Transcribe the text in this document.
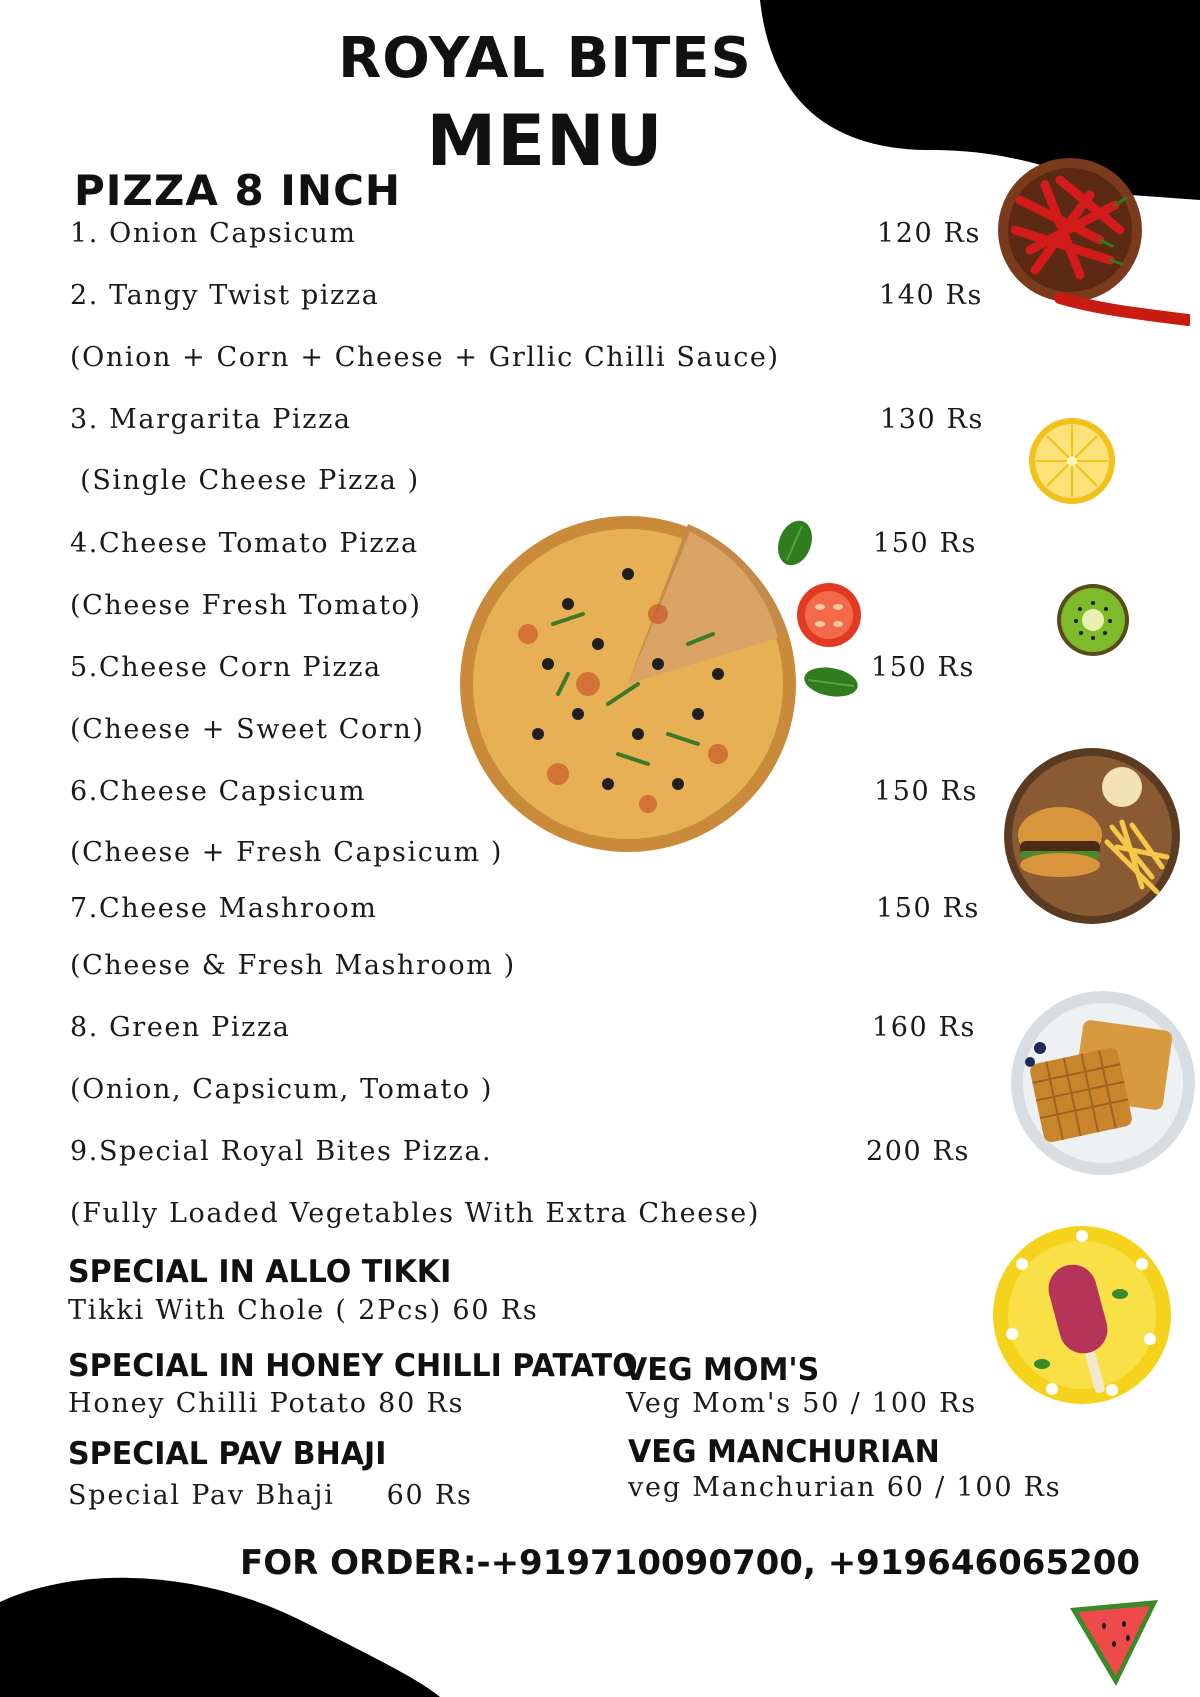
ROYAL BITES
MENU
PIZZA 8 INCH
1. Onion Capsicum	120 Rs
2. Tangy Twist pizza	140 Rs
(Onion + Corn + Cheese + Grllic Chilli Sauce)
3. Margarita Pizza	130 Rs
(Single Cheese Pizza )
4.Cheese Tomato Pizza	150 Rs
(Cheese Fresh Tomato)
5.Cheese Corn Pizza	150 Rs
(Cheese + Sweet Corn)
6.Cheese Capsicum	150 Rs
(Cheese + Fresh Capsicum )
7.Cheese Mashroom	150 Rs
(Cheese & Fresh Mashroom )
8. Green Pizza	160 Rs
(Onion, Capsicum, Tomato )
9.Special Royal Bites Pizza.	200 Rs
(Fully Loaded Vegetables With Extra Cheese)
SPECIAL IN ALLO TIKKI
Tikki With Chole ( 2Pcs) 60 Rs
SPECIAL IN HONEY CHILLI PATATO
Honey Chilli Potato 80 Rs
SPECIAL PAV BHAJI
Special Pav Bhaji     60 Rs
VEG MOM'S
Veg Mom's 50 / 100 Rs
VEG MANCHURIAN
veg Manchurian 60 / 100 Rs
FOR ORDER:-+919710090700, +919646065200
